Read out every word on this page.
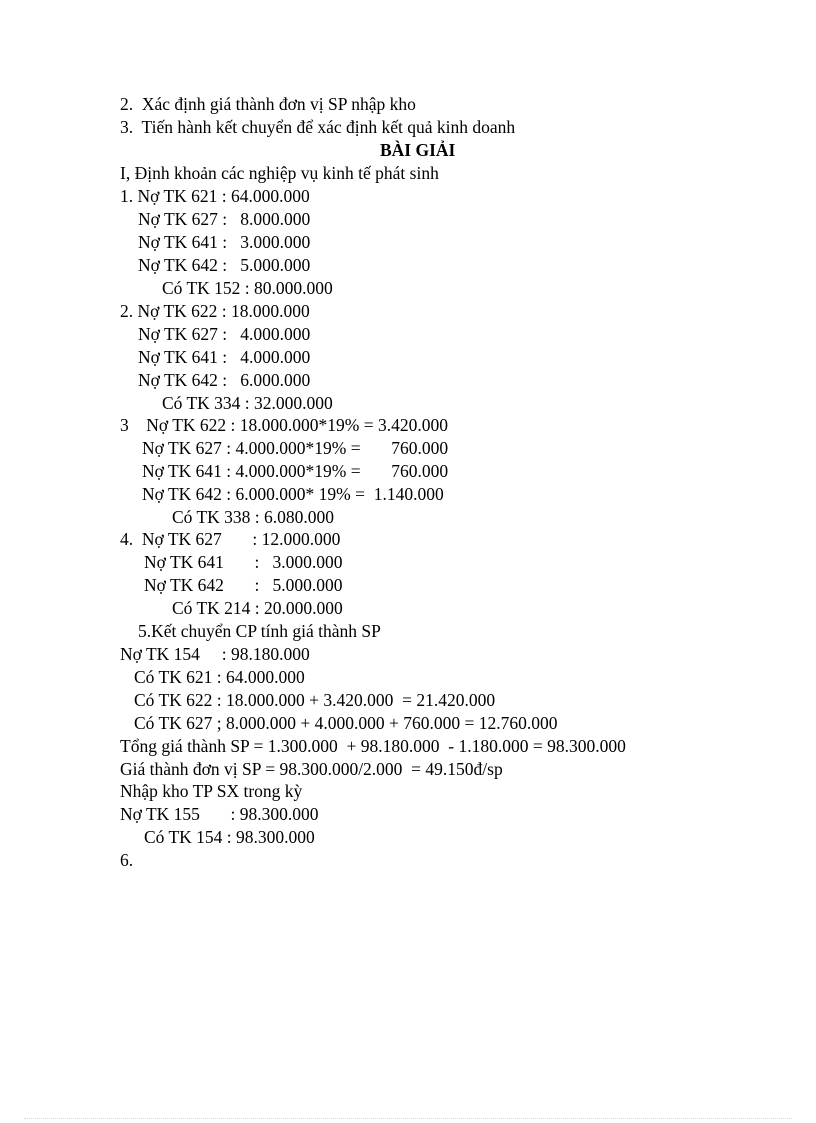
2.  Xác định giá thành đơn vị SP nhập kho
3.  Tiến hành kết chuyển để xác định kết quả kinh doanh
BÀI GIẢI
I, Định khoản các nghiệp vụ kinh tế phát sinh
1. Nợ TK 621 : 64.000.000
Nợ TK 627 :   8.000.000
Nợ TK 641 :   3.000.000
Nợ TK 642 :   5.000.000
Có TK 152 : 80.000.000
2. Nợ TK 622 : 18.000.000
Nợ TK 627 :   4.000.000
Nợ TK 641 :   4.000.000
Nợ TK 642 :   6.000.000
Có TK 334 : 32.000.000
3    Nợ TK 622 : 18.000.000*19% = 3.420.000
Nợ TK 627 : 4.000.000*19% =       760.000
Nợ TK 641 : 4.000.000*19% =       760.000
Nợ TK 642 : 6.000.000* 19% =  1.140.000
Có TK 338 : 6.080.000
4.  Nợ TK 627       : 12.000.000
Nợ TK 641       :   3.000.000
Nợ TK 642       :   5.000.000
Có TK 214 : 20.000.000
5.Kết chuyển CP tính giá thành SP
Nợ TK 154     : 98.180.000
Có TK 621 : 64.000.000
Có TK 622 : 18.000.000 + 3.420.000  = 21.420.000
Có TK 627 ; 8.000.000 + 4.000.000 + 760.000 = 12.760.000
Tổng giá thành SP = 1.300.000  + 98.180.000  - 1.180.000 = 98.300.000
Giá thành đơn vị SP = 98.300.000/2.000  = 49.150đ/sp
Nhập kho TP SX trong kỳ
Nợ TK 155       : 98.300.000
Có TK 154 : 98.300.000
6.
